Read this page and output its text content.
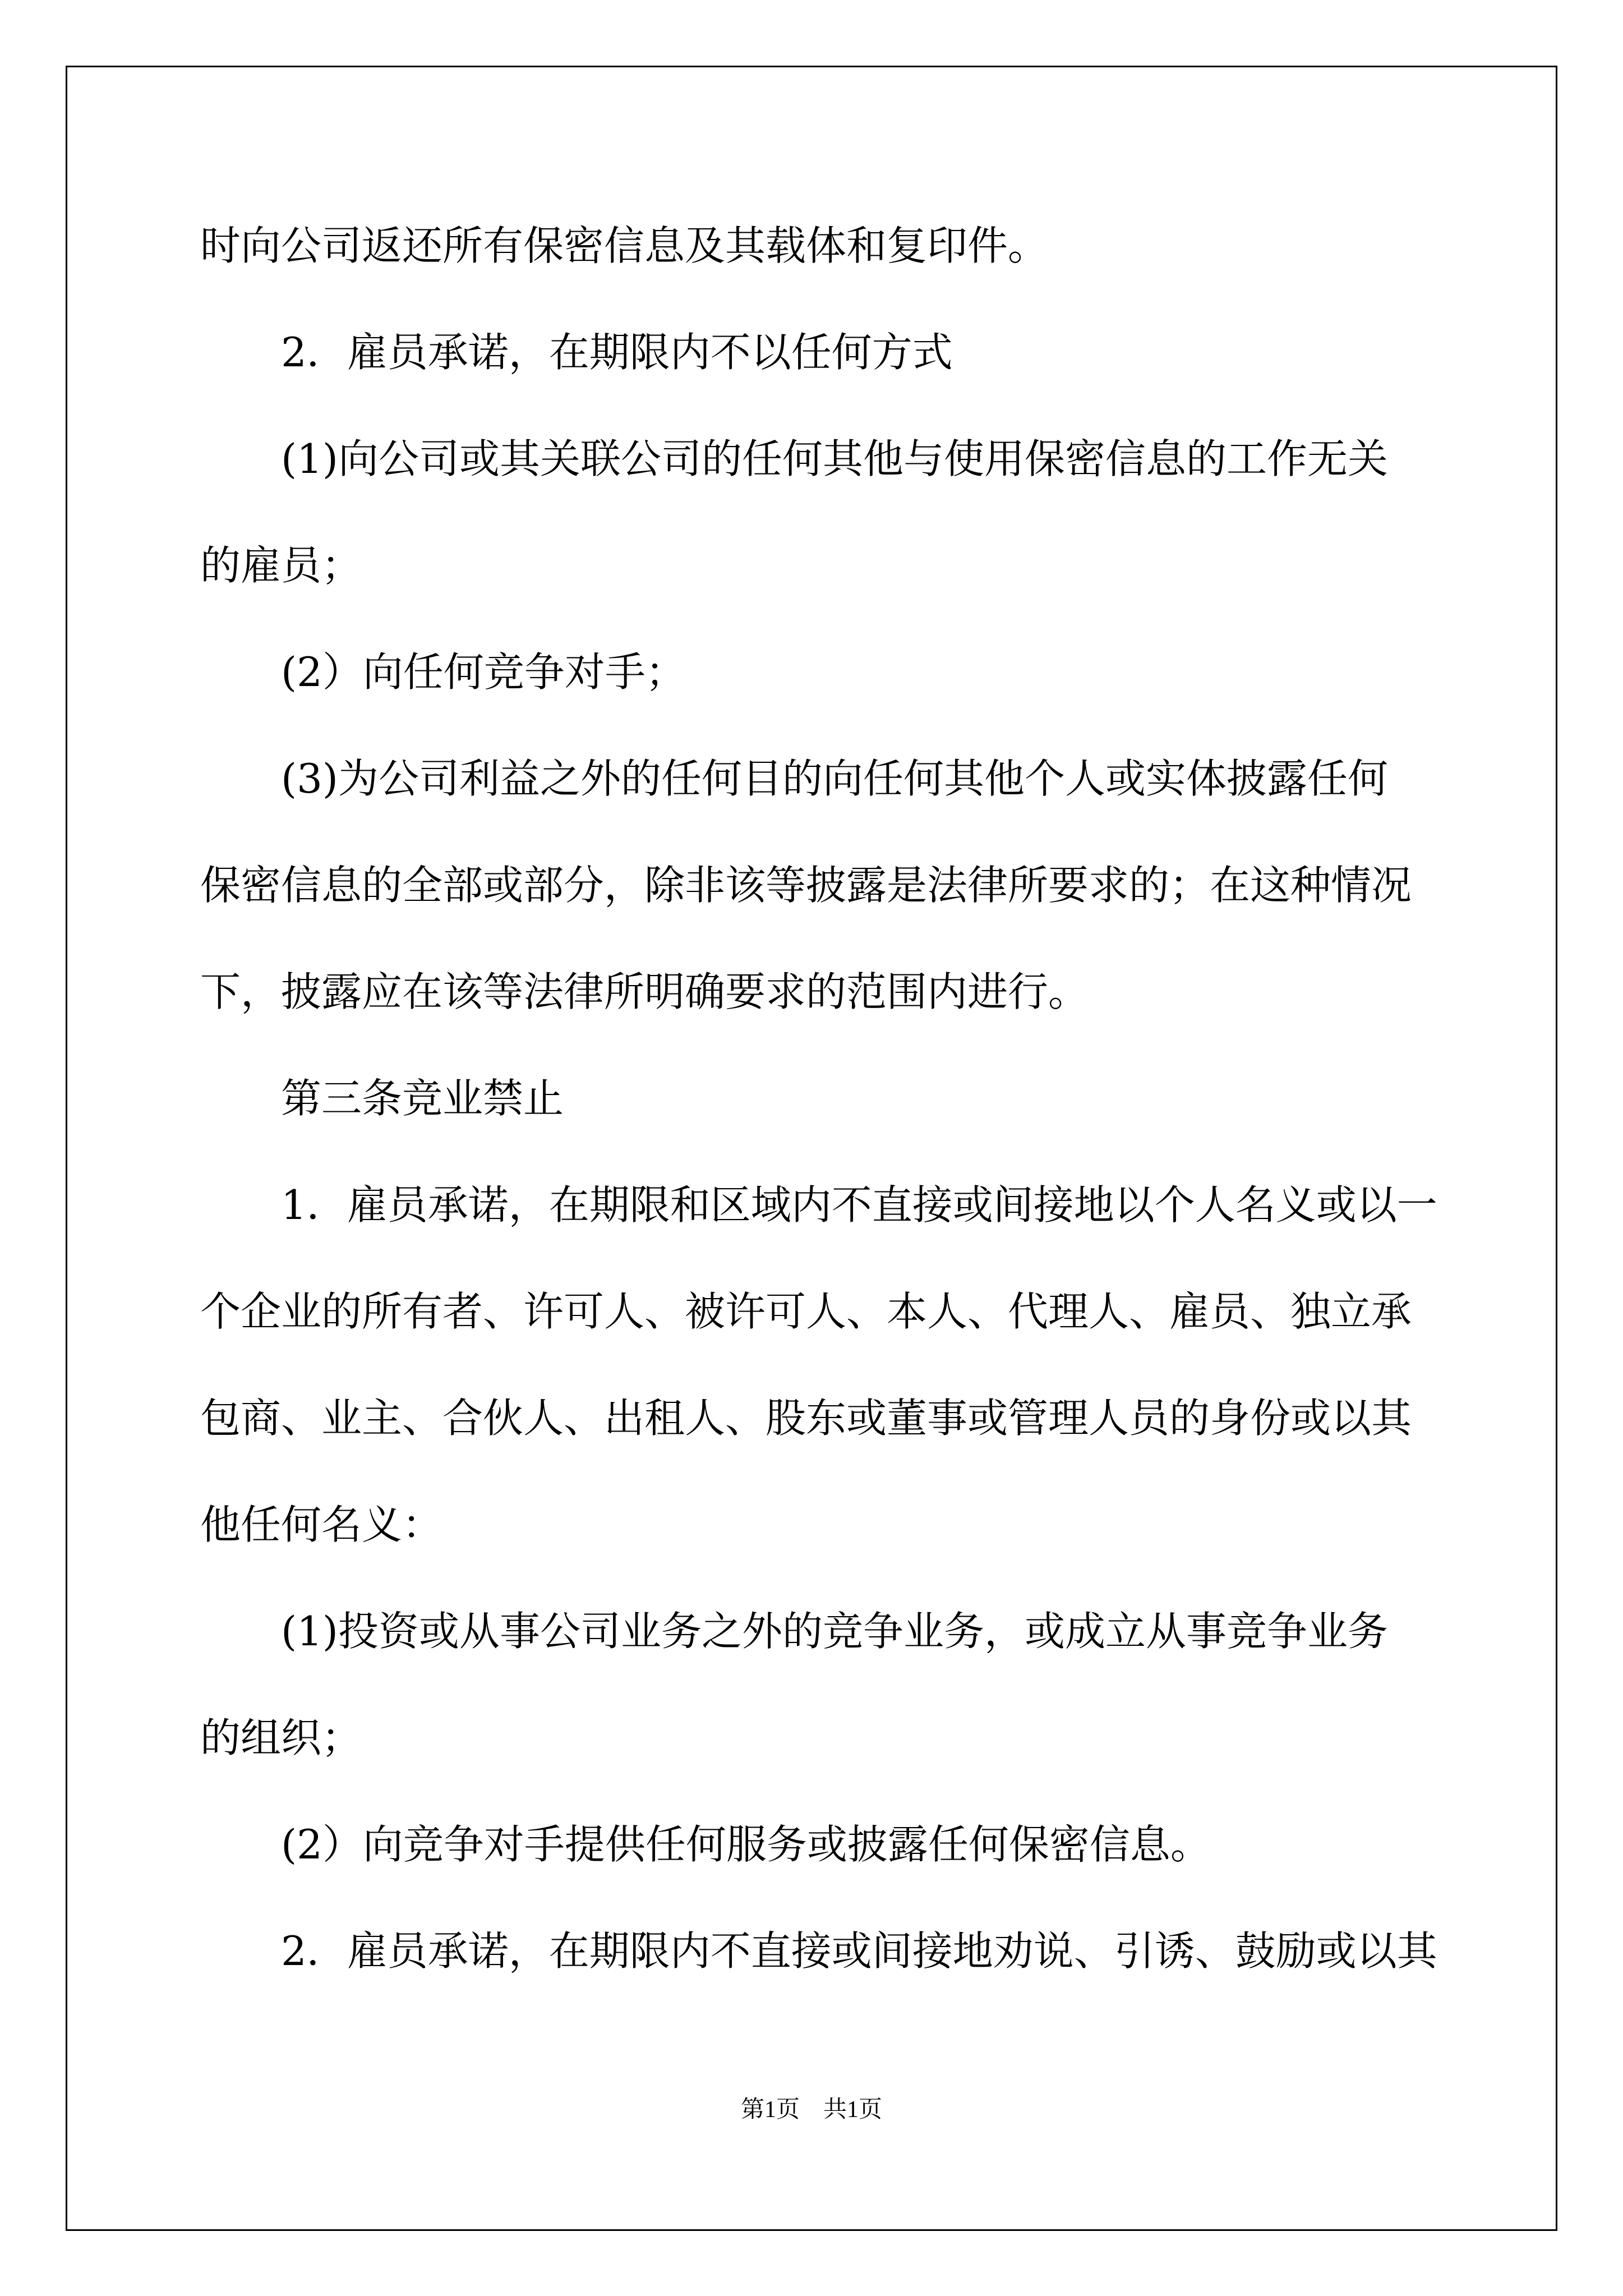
时向公司返还所有保密信息及其载体和复印件。
　　2．雇员承诺，在期限内不以任何方式
　　(1)向公司或其关联公司的任何其他与使用保密信息的工作无关
的雇员；
　　(2）向任何竞争对手；
　　(3)为公司利益之外的任何目的向任何其他个人或实体披露任何
保密信息的全部或部分，除非该等披露是法律所要求的；在这种情况
下，披露应在该等法律所明确要求的范围内进行。
　　第三条竞业禁止
　　1．雇员承诺，在期限和区域内不直接或间接地以个人名义或以一
个企业的所有者、许可人、被许可人、本人、代理人、雇员、独立承
包商、业主、合伙人、出租人、股东或董事或管理人员的身份或以其
他任何名义：
　　(1)投资或从事公司业务之外的竞争业务，或成立从事竞争业务
的组织；
　　(2）向竞争对手提供任何服务或披露任何保密信息。
　　2．雇员承诺，在期限内不直接或间接地劝说、引诱、鼓励或以其
第1页　共1页
